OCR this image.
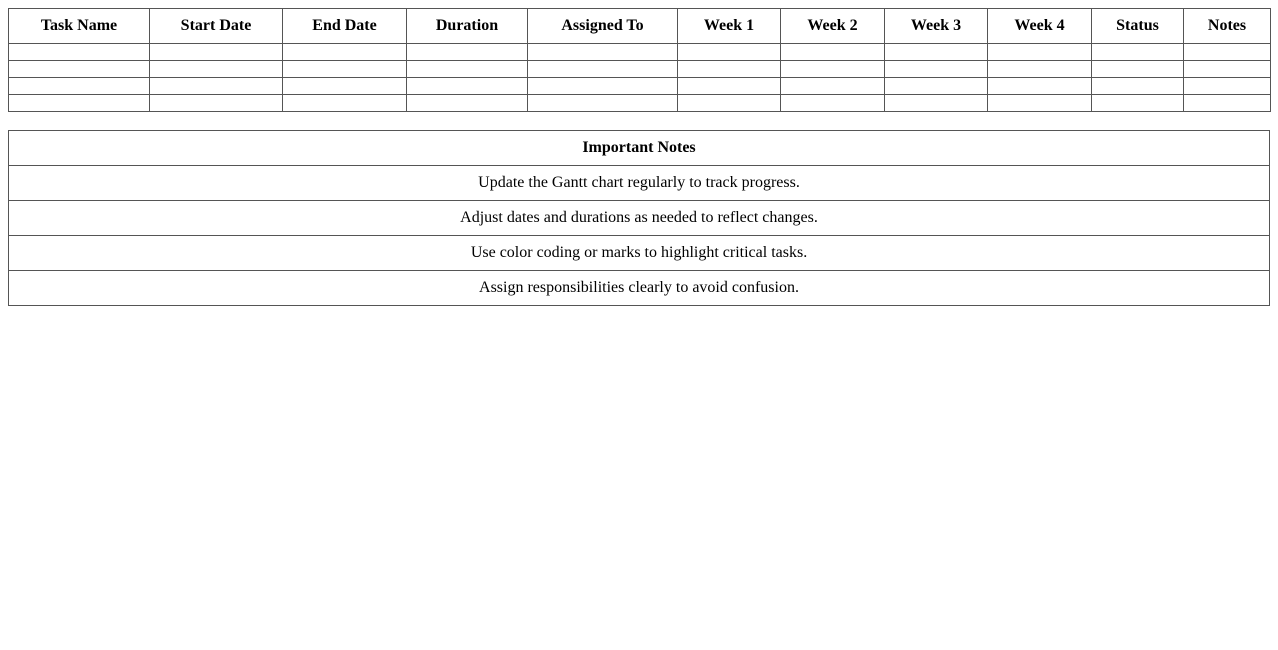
Task Name	Start Date	End Date	Duration	Assigned To	Week 1	Week 2	Week 3	Week 4	Status	Notes

Important Notes
Update the Gantt chart regularly to track progress.
Adjust dates and durations as needed to reflect changes.
Use color coding or marks to highlight critical tasks.
Assign responsibilities clearly to avoid confusion.
